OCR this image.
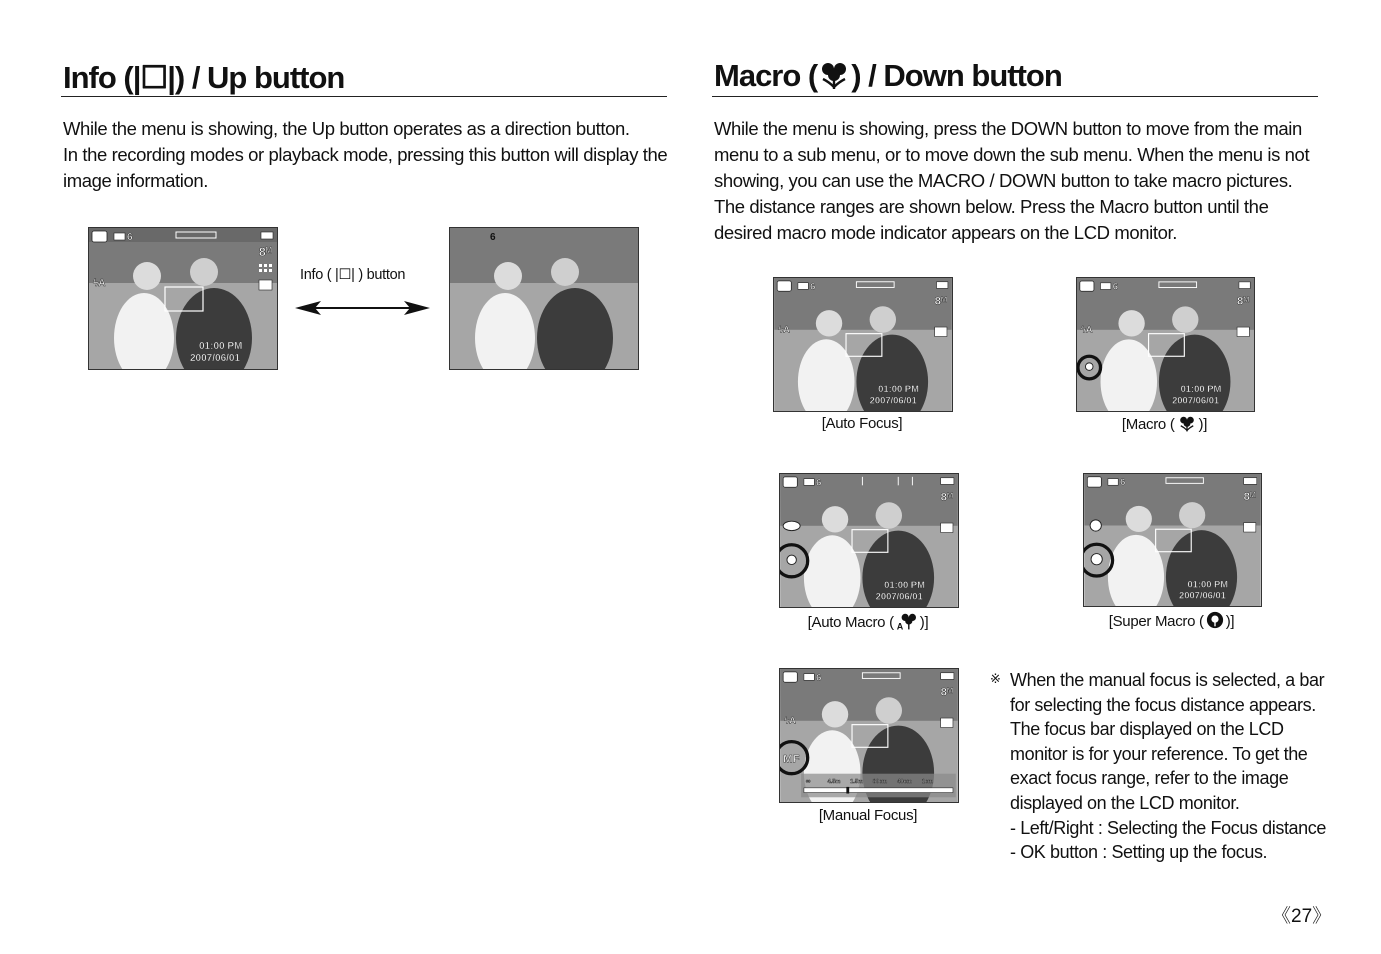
Info (|☐|) / Up button
While the menu is showing, the Up button operates as a direction button.
In the recording modes or playback mode, pressing this button will display the
image information.
6
8ᴹ
ϟA
01:00 PM
2007/06/01
Info ( |☐| ) button
6
Macro ( ) / Down button
While the menu is showing, press the DOWN button to move from the main
menu to a sub menu, or to move down the sub menu. When the menu is not
showing, you can use the MACRO / DOWN button to take macro pictures.
The distance ranges are shown below. Press the Macro button until the
desired macro mode indicator appears on the LCD monitor.
6
8ᴹ
ϟA
01:00 PM
2007/06/01
[Auto Focus]
6
8ᴹ
ϟA
01:00 PM
2007/06/01
[Macro ( )]
6
8ᴹ
01:00 PM
2007/06/01
[Auto Macro ( A )]
6
8ᴹ
01:00 PM
2007/06/01
[Super Macro ( )]
6
8ᴹ
ϟA
MF
∞	4.5m 1.5m 80cm 40cm 1cm
[Manual Focus]
※ When the manual focus is selected, a bar
for selecting the focus distance appears.
The focus bar displayed on the LCD
monitor is for your reference. To get the
exact focus range, refer to the image
displayed on the LCD monitor.
- Left/Right : Selecting the Focus distance
- OK button : Setting up the focus.
《27》
